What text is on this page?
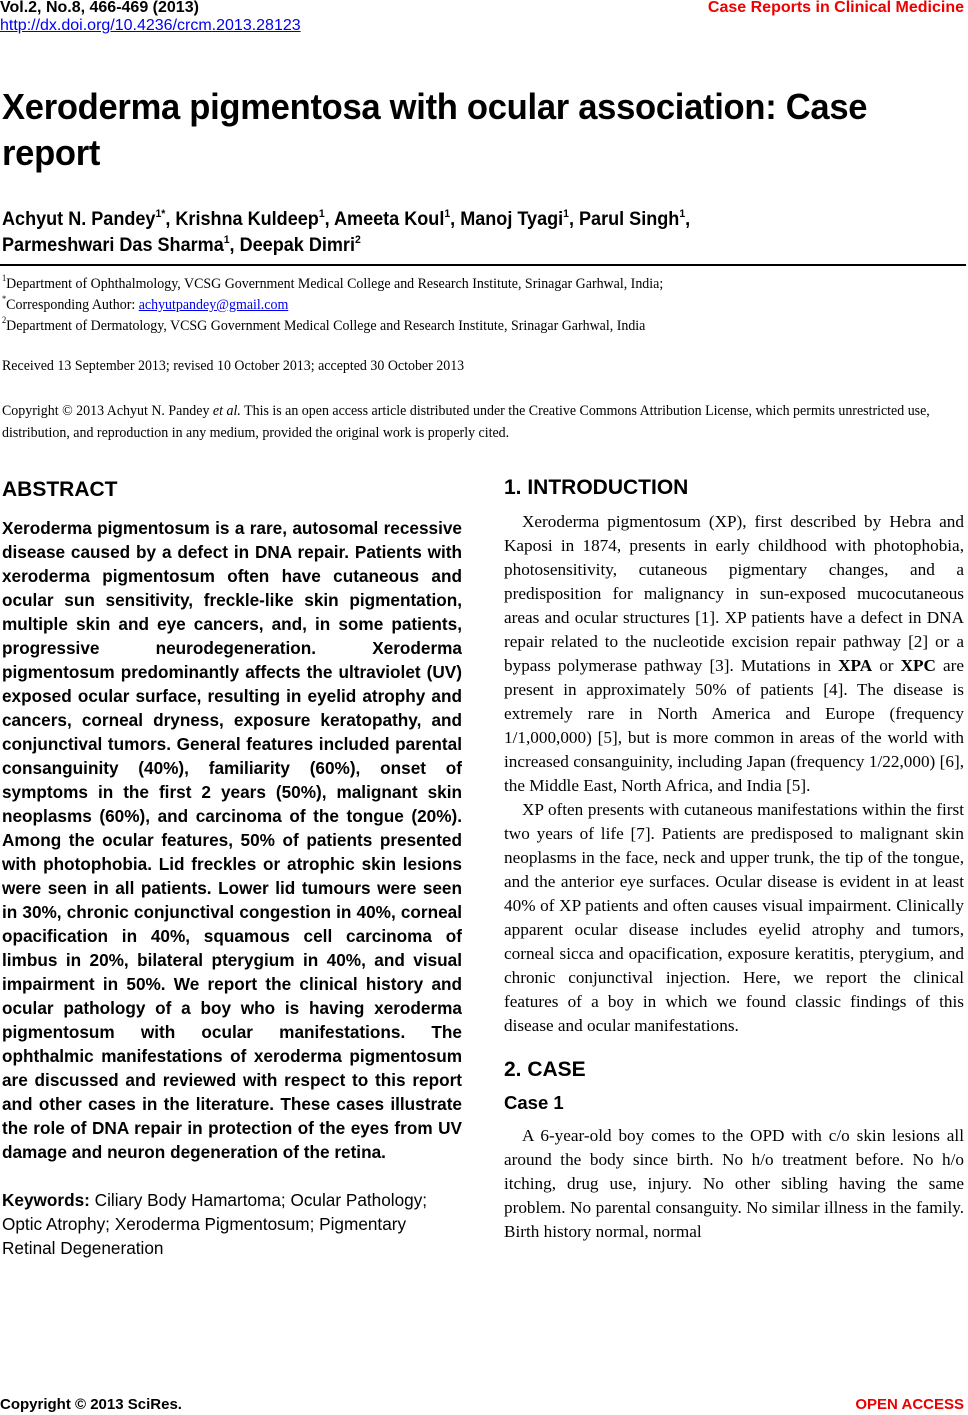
Vol.2, No.8, 466-469 (2013)
http://dx.doi.org/10.4236/crcm.2013.28123
Case Reports in Clinical Medicine
Xeroderma pigmentosa with ocular association: Case report
Achyut N. Pandey$^{1*}$, Krishna Kuldeep$^1$, Ameeta Koul$^1$, Manoj Tyagi$^1$, Parul Singh$^1$,
Parmeshwari Das Sharma$^1$, Deepak Dimri$^2$
$^1$Department of Ophthalmology, VCSG Government Medical College and Research Institute, Srinagar Garhwal, India;
*Corresponding Author: achyutpandey@gmail.com
$^2$Department of Dermatology, VCSG Government Medical College and Research Institute, Srinagar Garhwal, India
Received 13 September 2013; revised 10 October 2013; accepted 30 October 2013
Copyright © 2013 Achyut N. Pandey et al. This is an open access article distributed under the Creative Commons Attribution License, which permits unrestricted use, distribution, and reproduction in any medium, provided the original work is properly cited.
ABSTRACT

Xeroderma pigmentosum is a rare, autosomal recessive disease caused by a defect in DNA repair. Patients with xeroderma pigmentosum often have cutaneous and ocular sun sensitivity, freckle-like skin pigmentation, multiple skin and eye cancers, and, in some patients, progressive neurodegeneration. Xeroderma pigmentosum predominantly affects the ultraviolet (UV) exposed ocular surface, resulting in eyelid atrophy and cancers, corneal dryness, exposure keratopathy, and conjunctival tumors. General features included parental consanguinity (40%), familiarity (60%), onset of symptoms in the first 2 years (50%), malignant skin neoplasms (60%), and carcinoma of the tongue (20%). Among the ocular features, 50% of patients presented with photophobia. Lid freckles or atrophic skin lesions were seen in all patients. Lower lid tumours were seen in 30%, chronic conjunctival congestion in 40%, corneal opacification in 40%, squamous cell carcinoma of limbus in 20%, bilateral pterygium in 40%, and visual impairment in 50%. We report the clinical history and ocular pathology of a boy who is having xeroderma pigmentosum with ocular manifestations. The ophthalmic manifestations of xeroderma pigmentosum are discussed and reviewed with respect to this report and other cases in the literature. These cases illustrate the role of DNA repair in protection of the eyes from UV damage and neuron degeneration of the retina.

Keywords: Ciliary Body Hamartoma; Ocular Pathology; Optic Atrophy; Xeroderma Pigmentosum; Pigmentary Retinal Degeneration
1. INTRODUCTION

Xeroderma pigmentosum (XP), first described by Hebra and Kaposi in 1874, presents in early childhood with photophobia, photosensitivity, cutaneous pigmentary changes, and a predisposition for malignancy in sun-exposed mucocutaneous areas and ocular structures [1]. XP patients have a defect in DNA repair related to the nucleotide excision repair pathway [2] or a bypass polymerase pathway [3]. Mutations in XPA or XPC are present in approximately 50% of patients [4]. The disease is extremely rare in North America and Europe (frequency 1/1,000,000) [5], but is more common in areas of the world with increased consanguinity, including Japan (frequency 1/22,000) [6], the Middle East, North Africa, and India [5].

XP often presents with cutaneous manifestations within the first two years of life [7]. Patients are predisposed to malignant skin neoplasms in the face, neck and upper trunk, the tip of the tongue, and the anterior eye surfaces. Ocular disease is evident in at least 40% of XP patients and often causes visual impairment. Clinically apparent ocular disease includes eyelid atrophy and tumors, corneal sicca and opacification, exposure keratitis, pterygium, and chronic conjunctival injection. Here, we report the clinical features of a boy in which we found classic findings of this disease and ocular manifestations.

2. CASE
Case 1

A 6-year-old boy comes to the OPD with c/o skin lesions all around the body since birth. No h/o treatment before. No h/o itching, drug use, injury. No other sibling having the same problem. No parental consanguity. No similar illness in the family. Birth history normal, normal

Copyright © 2013 SciRes.	OPEN ACCESS
